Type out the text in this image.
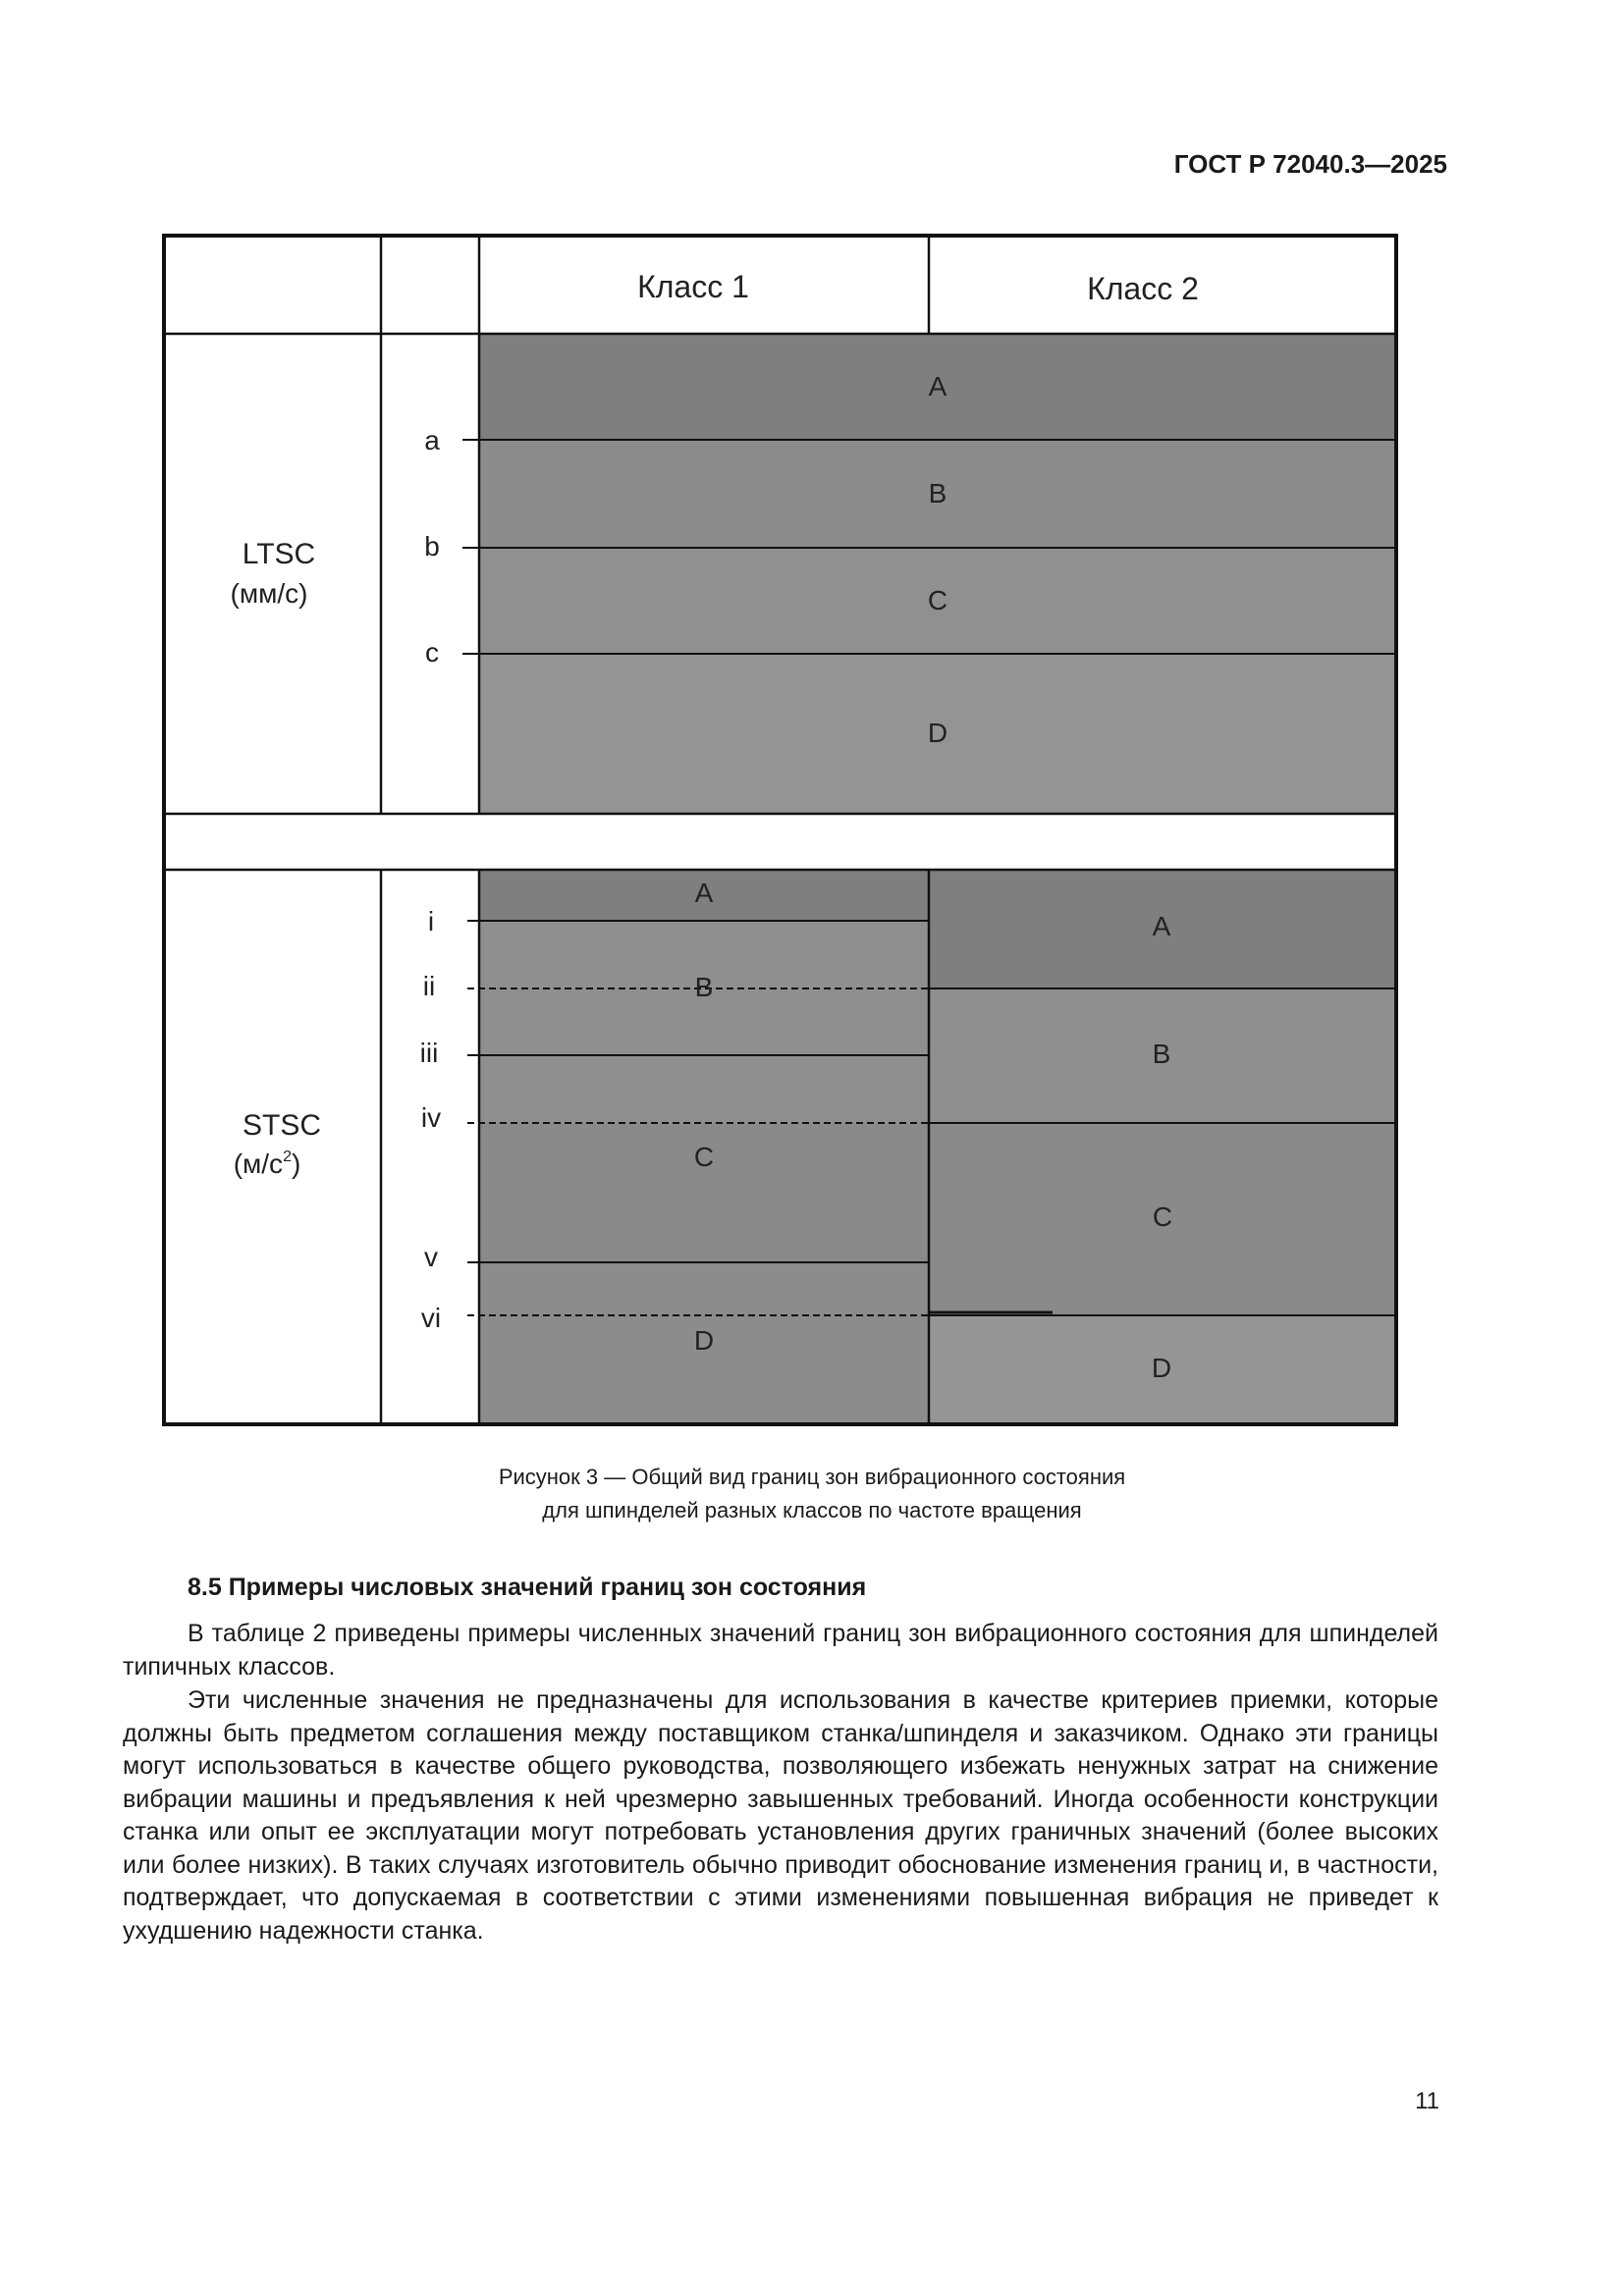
ГОСТ Р 72040.3—2025
Класс 1	Класс 2
LTSC
(мм/с)
a
b
c
A
B
C
D
STSC
$(м/с^2)$
i
ii
iii
iv
v
vi
A
B
C
D
A
B
C
D
Рисунок 3 — Общий вид границ зон вибрационного состояния
для шпинделей разных классов по частоте вращения
8.5 Примеры числовых значений границ зон состояния
В таблице 2 приведены примеры численных значений границ зон вибрационного состояния для шпинделей типичных классов.
Эти численные значения не предназначены для использования в качестве критериев приемки, которые должны быть предметом соглашения между поставщиком станка/шпинделя и заказчиком. Однако эти границы могут использоваться в качестве общего руководства, позволяющего избежать ненужных затрат на снижение вибрации машины и предъявления к ней чрезмерно завышенных требований. Иногда особенности конструкции станка или опыт ее эксплуатации могут потребовать установления других граничных значений (более высоких или более низких). В таких случаях изготовитель обычно приводит обоснование изменения границ и, в частности, подтверждает, что допускаемая в соответствии с этими изменениями повышенная вибрация не приведет к ухудшению надежности станка.
11
